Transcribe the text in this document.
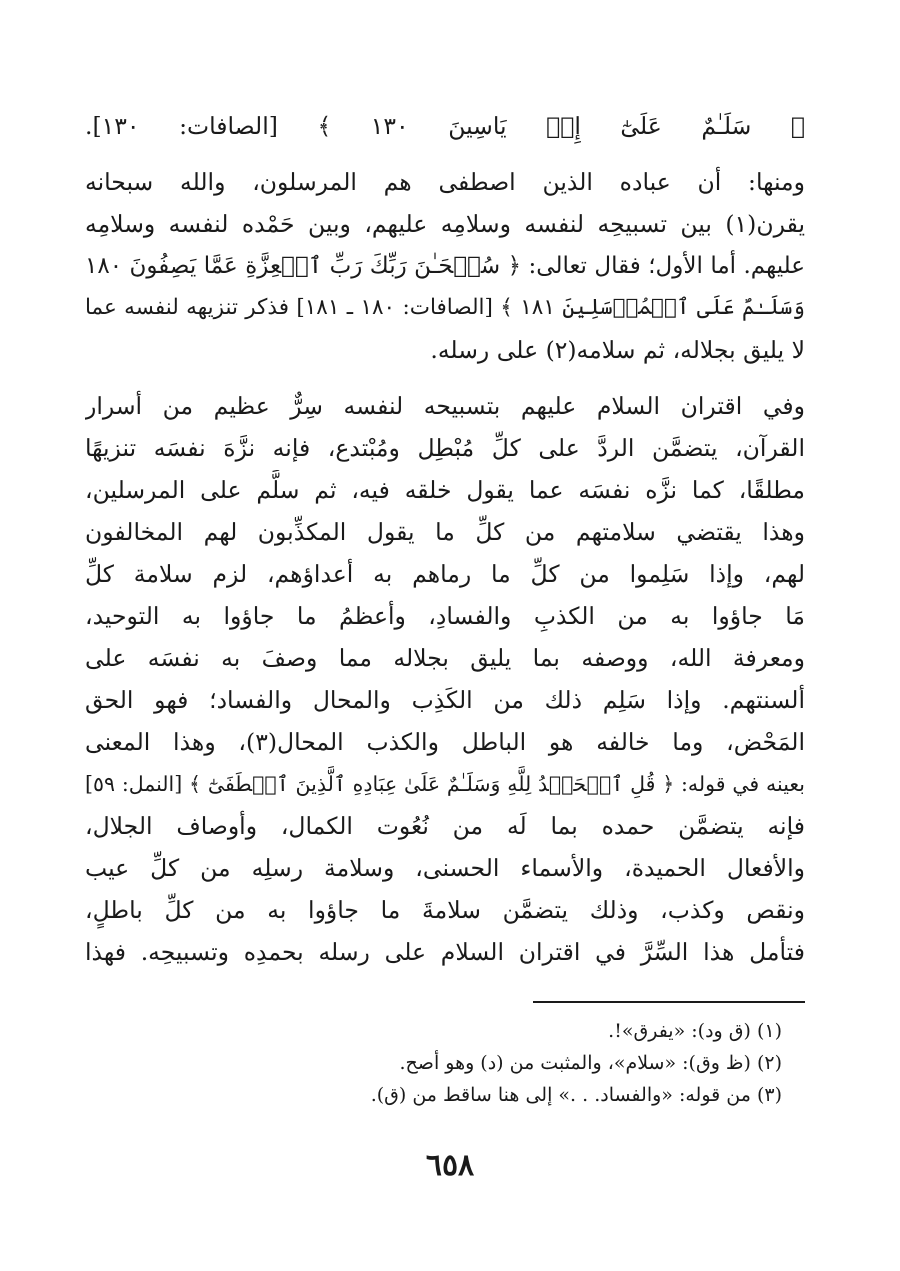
﴿ سَلَـٰمٌ عَلَىٰٓ إِلۡ يَاسِينَ ١٣٠ ﴾ [الصافات: ١٣٠].
ومنها: أن عباده الذين اصطفى هم المرسلون، والله سبحانه
يقرن(١) بين تسبيحِه لنفسه وسلامِه عليهم، وبين حَمْده لنفسه وسلامِه
عليهم. أما الأول؛ فقال تعالى: ﴿ سُبۡحَـٰنَ رَبِّكَ رَبِّ ٱلۡعِزَّةِ عَمَّا يَصِفُونَ ١٨٠
وَسَلَـٰمٌ عَلَى ٱلۡمُرۡسَلِينَ ١٨١ ﴾ [الصافات: ١٨٠ ـ ١٨١] فذكر تنزيهه لنفسه عما
لا يليق بجلاله، ثم سلامه(٢) على رسله.
وفي اقتران السلام عليهم بتسبيحه لنفسه سِرٌّ عظيم من أسرار
القرآن، يتضمَّن الردَّ على كلِّ مُبْطِل ومُبْتدع، فإنه نزَّهَ نفسَه تنزيهًا
مطلقًا، كما نزَّه نفسَه عما يقول خلقه فيه، ثم سلَّم على المرسلين،
وهذا يقتضي سلامتهم من كلِّ ما يقول المكذِّبون لهم المخالفون
لهم، وإذا سَلِموا من كلِّ ما رماهم به أعداؤهم، لزم سلامة كلِّ
مَا جاؤوا به من الكذبِ والفسادِ، وأعظمُ ما جاؤوا به التوحيد،
ومعرفة الله، ووصفه بما يليق بجلاله مما وصفَ به نفسَه على
ألسنتهم. وإذا سَلِم ذلك من الكَذِب والمحال والفساد؛ فهو الحق
المَحْض، وما خالفه هو الباطل والكذب المحال(٣)، وهذا المعنى
بعينه في قوله: ﴿ قُلِ ٱلۡحَمۡدُ لِلَّهِ وَسَلَـٰمٌ عَلَىٰ عِبَادِهِ ٱلَّذِينَ ٱصۡطَفَىٰٓ ﴾ [النمل: ٥٩]
فإنه يتضمَّن حمده بما لَه من نُعُوت الكمال، وأوصاف الجلال،
والأفعال الحميدة، والأسماء الحسنى، وسلامة رسلِه من كلِّ عيب
ونقص وكذب، وذلك يتضمَّن سلامةَ ما جاؤوا به من كلِّ باطلٍ،
فتأمل هذا السِّرَّ في اقتران السلام على رسله بحمدِه وتسبيحِه. فهذا
(١) (ق ود): «يفرق»!.
(٢) (ظ وق): «سلام»، والمثبت من (د) وهو أصح.
(٣) من قوله: «والفساد. . .» إلى هنا ساقط من (ق).
٦٥٨
